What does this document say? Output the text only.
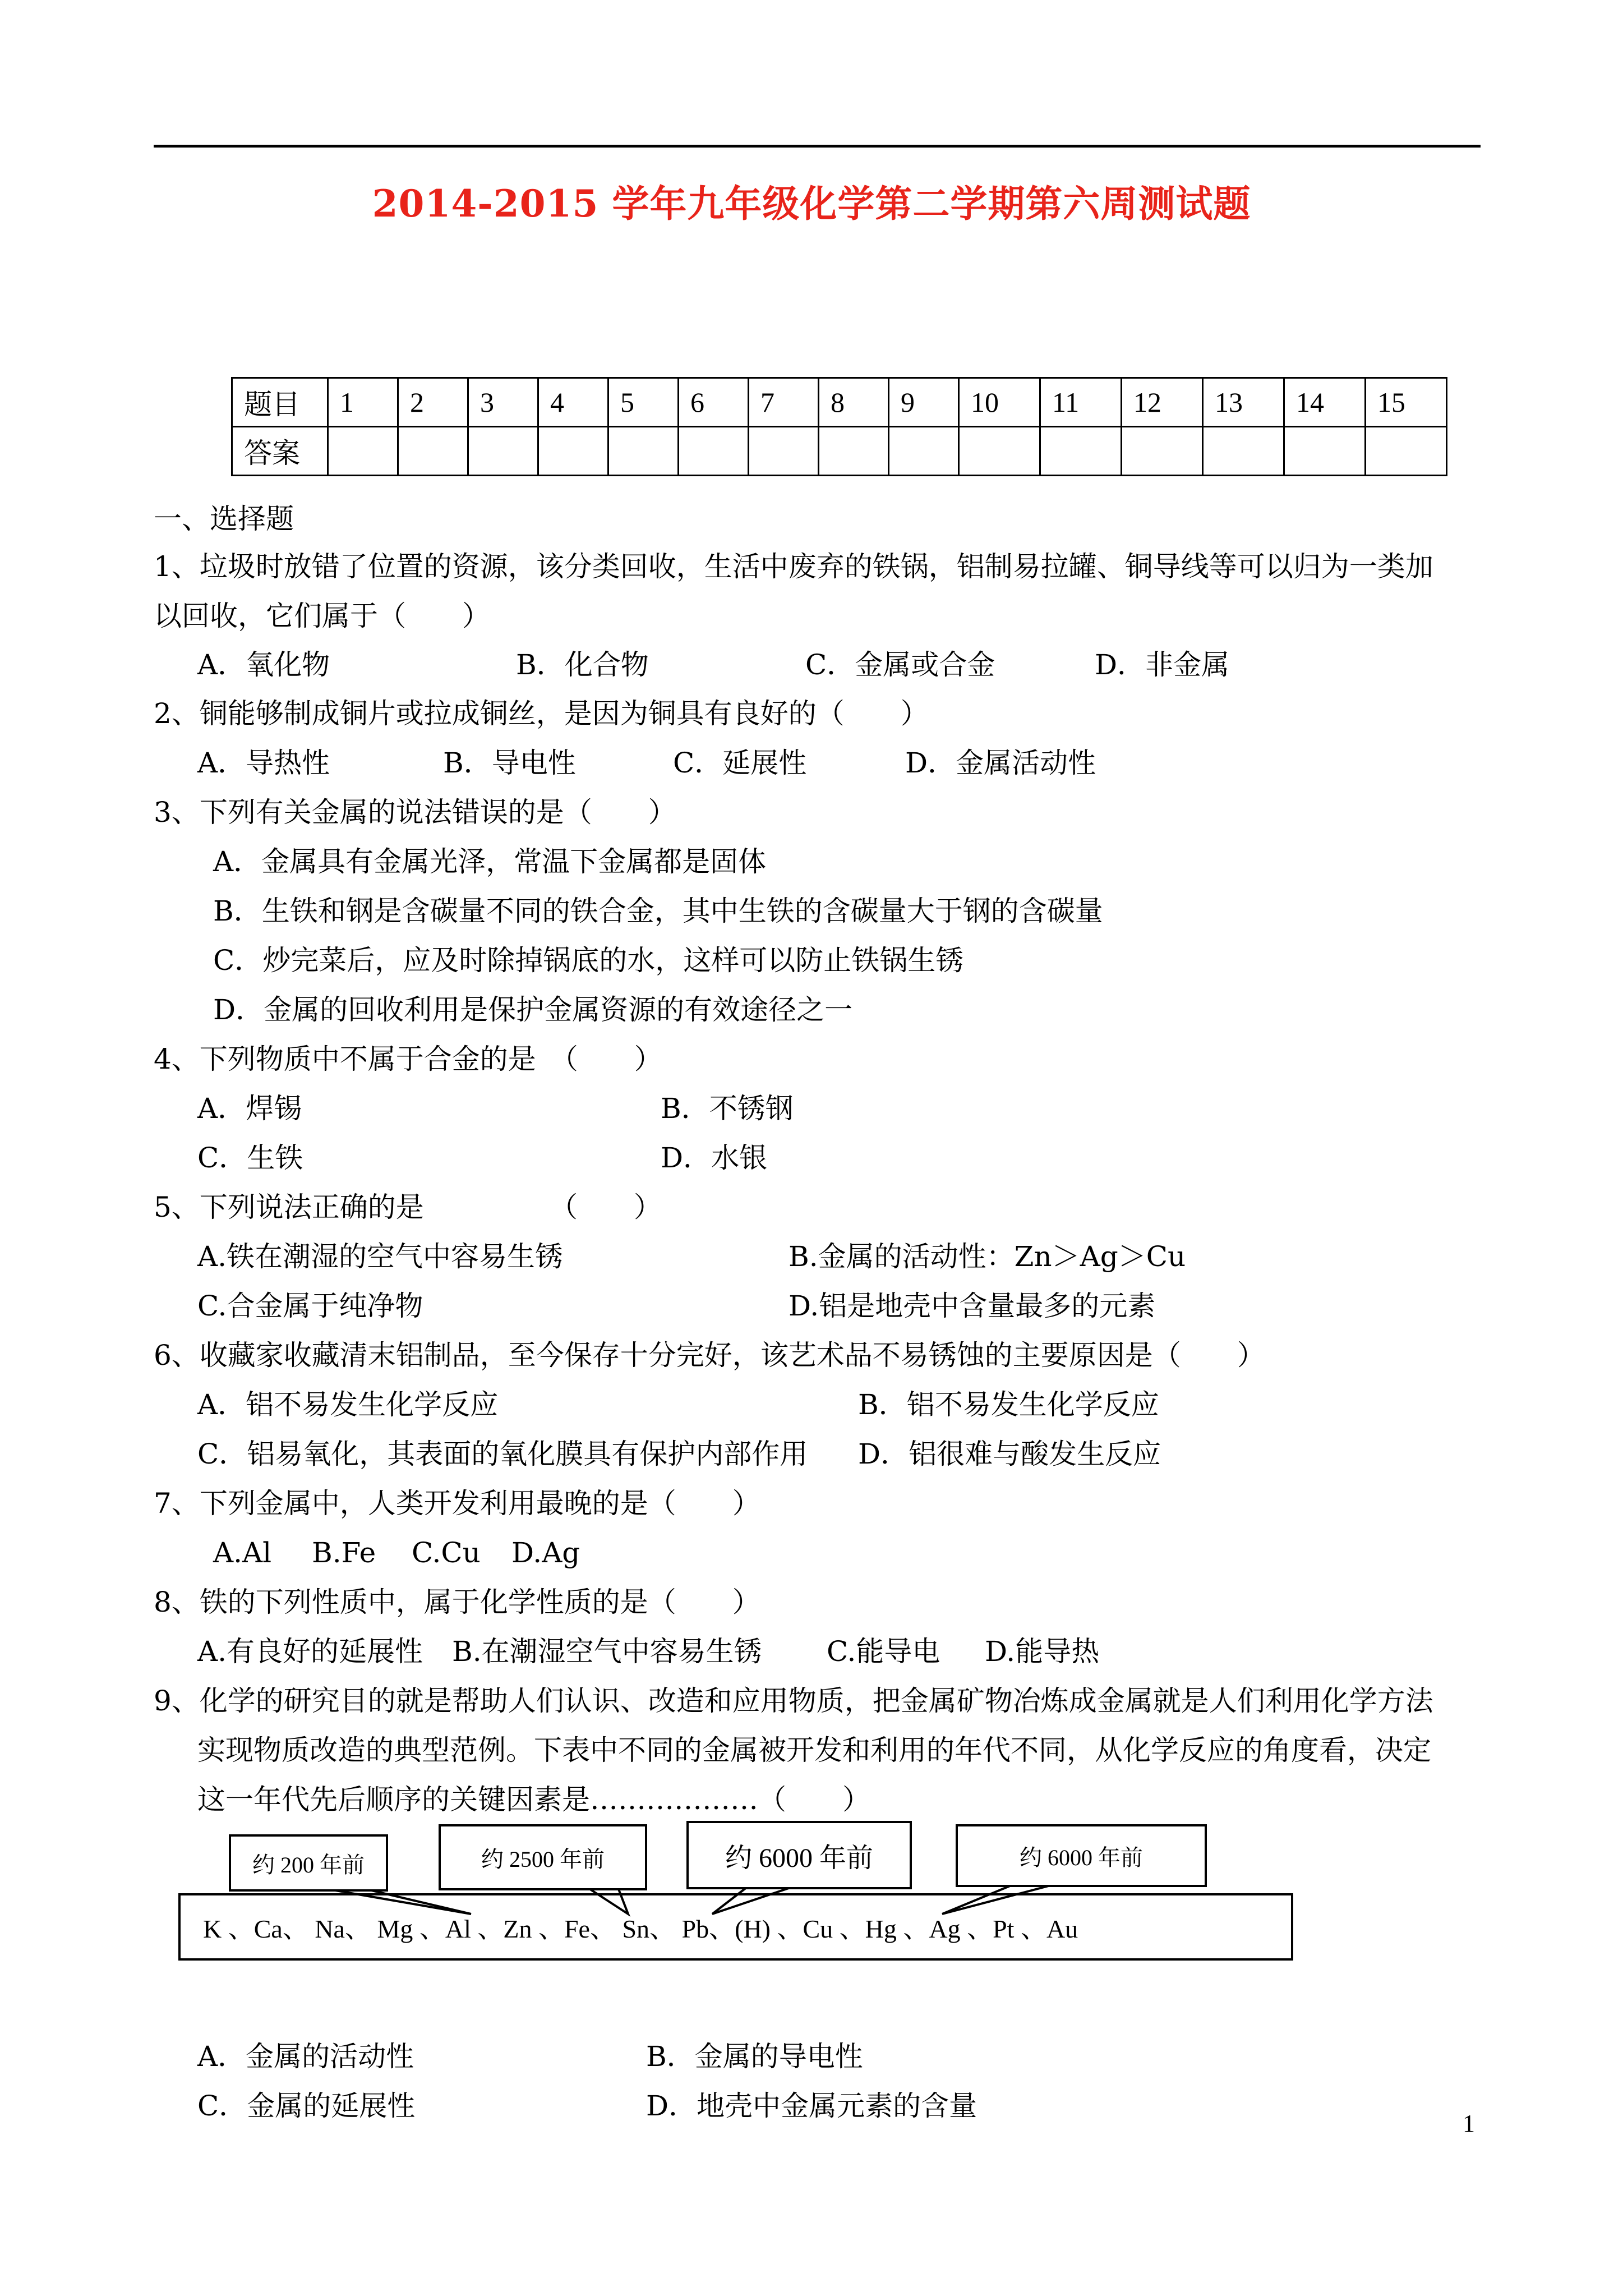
2014-2015 学年九年级化学第二学期第六周测试题
题目	1	2	3	4	5	6	7	8	9	10	11	12	13	14	15
答案															
一、选择题
1、垃圾时放错了位置的资源，该分类回收，生活中废弃的铁锅，铝制易拉罐、铜导线等可以归为一类加
以回收，它们属于（　　）
A．氧化物	B．化合物	C．金属或合金	D．非金属
2、铜能够制成铜片或拉成铜丝，是因为铜具有良好的（　　）
A．导热性	B．导电性	C．延展性	D．金属活动性
3、下列有关金属的说法错误的是（　　）
A．金属具有金属光泽，常温下金属都是固体
B．生铁和钢是含碳量不同的铁合金，其中生铁的含碳量大于钢的含碳量
C．炒完菜后，应及时除掉锅底的水，这样可以防止铁锅生锈
D．金属的回收利用是保护金属资源的有效途径之一
4、下列物质中不属于合金的是　（　　）
A．焊锡	B．不锈钢
C．生铁	D．水银
5、下列说法正确的是	（　　）
A.铁在潮湿的空气中容易生锈	B.金属的活动性：Zn＞Ag＞Cu
C.合金属于纯净物	D.铝是地壳中含量最多的元素
6、收藏家收藏清末铝制品，至今保存十分完好，该艺术品不易锈蚀的主要原因是（　　）
A．铝不易发生化学反应	B．铝不易发生化学反应
C．铝易氧化，其表面的氧化膜具有保护内部作用 D．铝很难与酸发生反应
7、下列金属中，人类开发利用最晚的是（　　）
A.Al B.Fe C.Cu D.Ag
8、铁的下列性质中，属于化学性质的是（　　）
A.有良好的延展性 B.在潮湿空气中容易生锈 C.能导电 D.能导热
9、化学的研究目的就是帮助人们认识、改造和应用物质，把金属矿物冶炼成金属就是人们利用化学方法
实现物质改造的典型范例。下表中不同的金属被开发和利用的年代不同，从化学反应的角度看，决定
这一年代先后顺序的关键因素是………………（　　）
约 200 年前	约 2500 年前	约 6000 年前	约 6000 年前
K 、Ca、 Na、 Mg 、Al 、Zn 、Fe、 Sn、 Pb、(H) 、Cu 、Hg 、Ag 、Pt 、Au
A．金属的活动性	B．金属的导电性
C．金属的延展性	D．地壳中金属元素的含量
1
